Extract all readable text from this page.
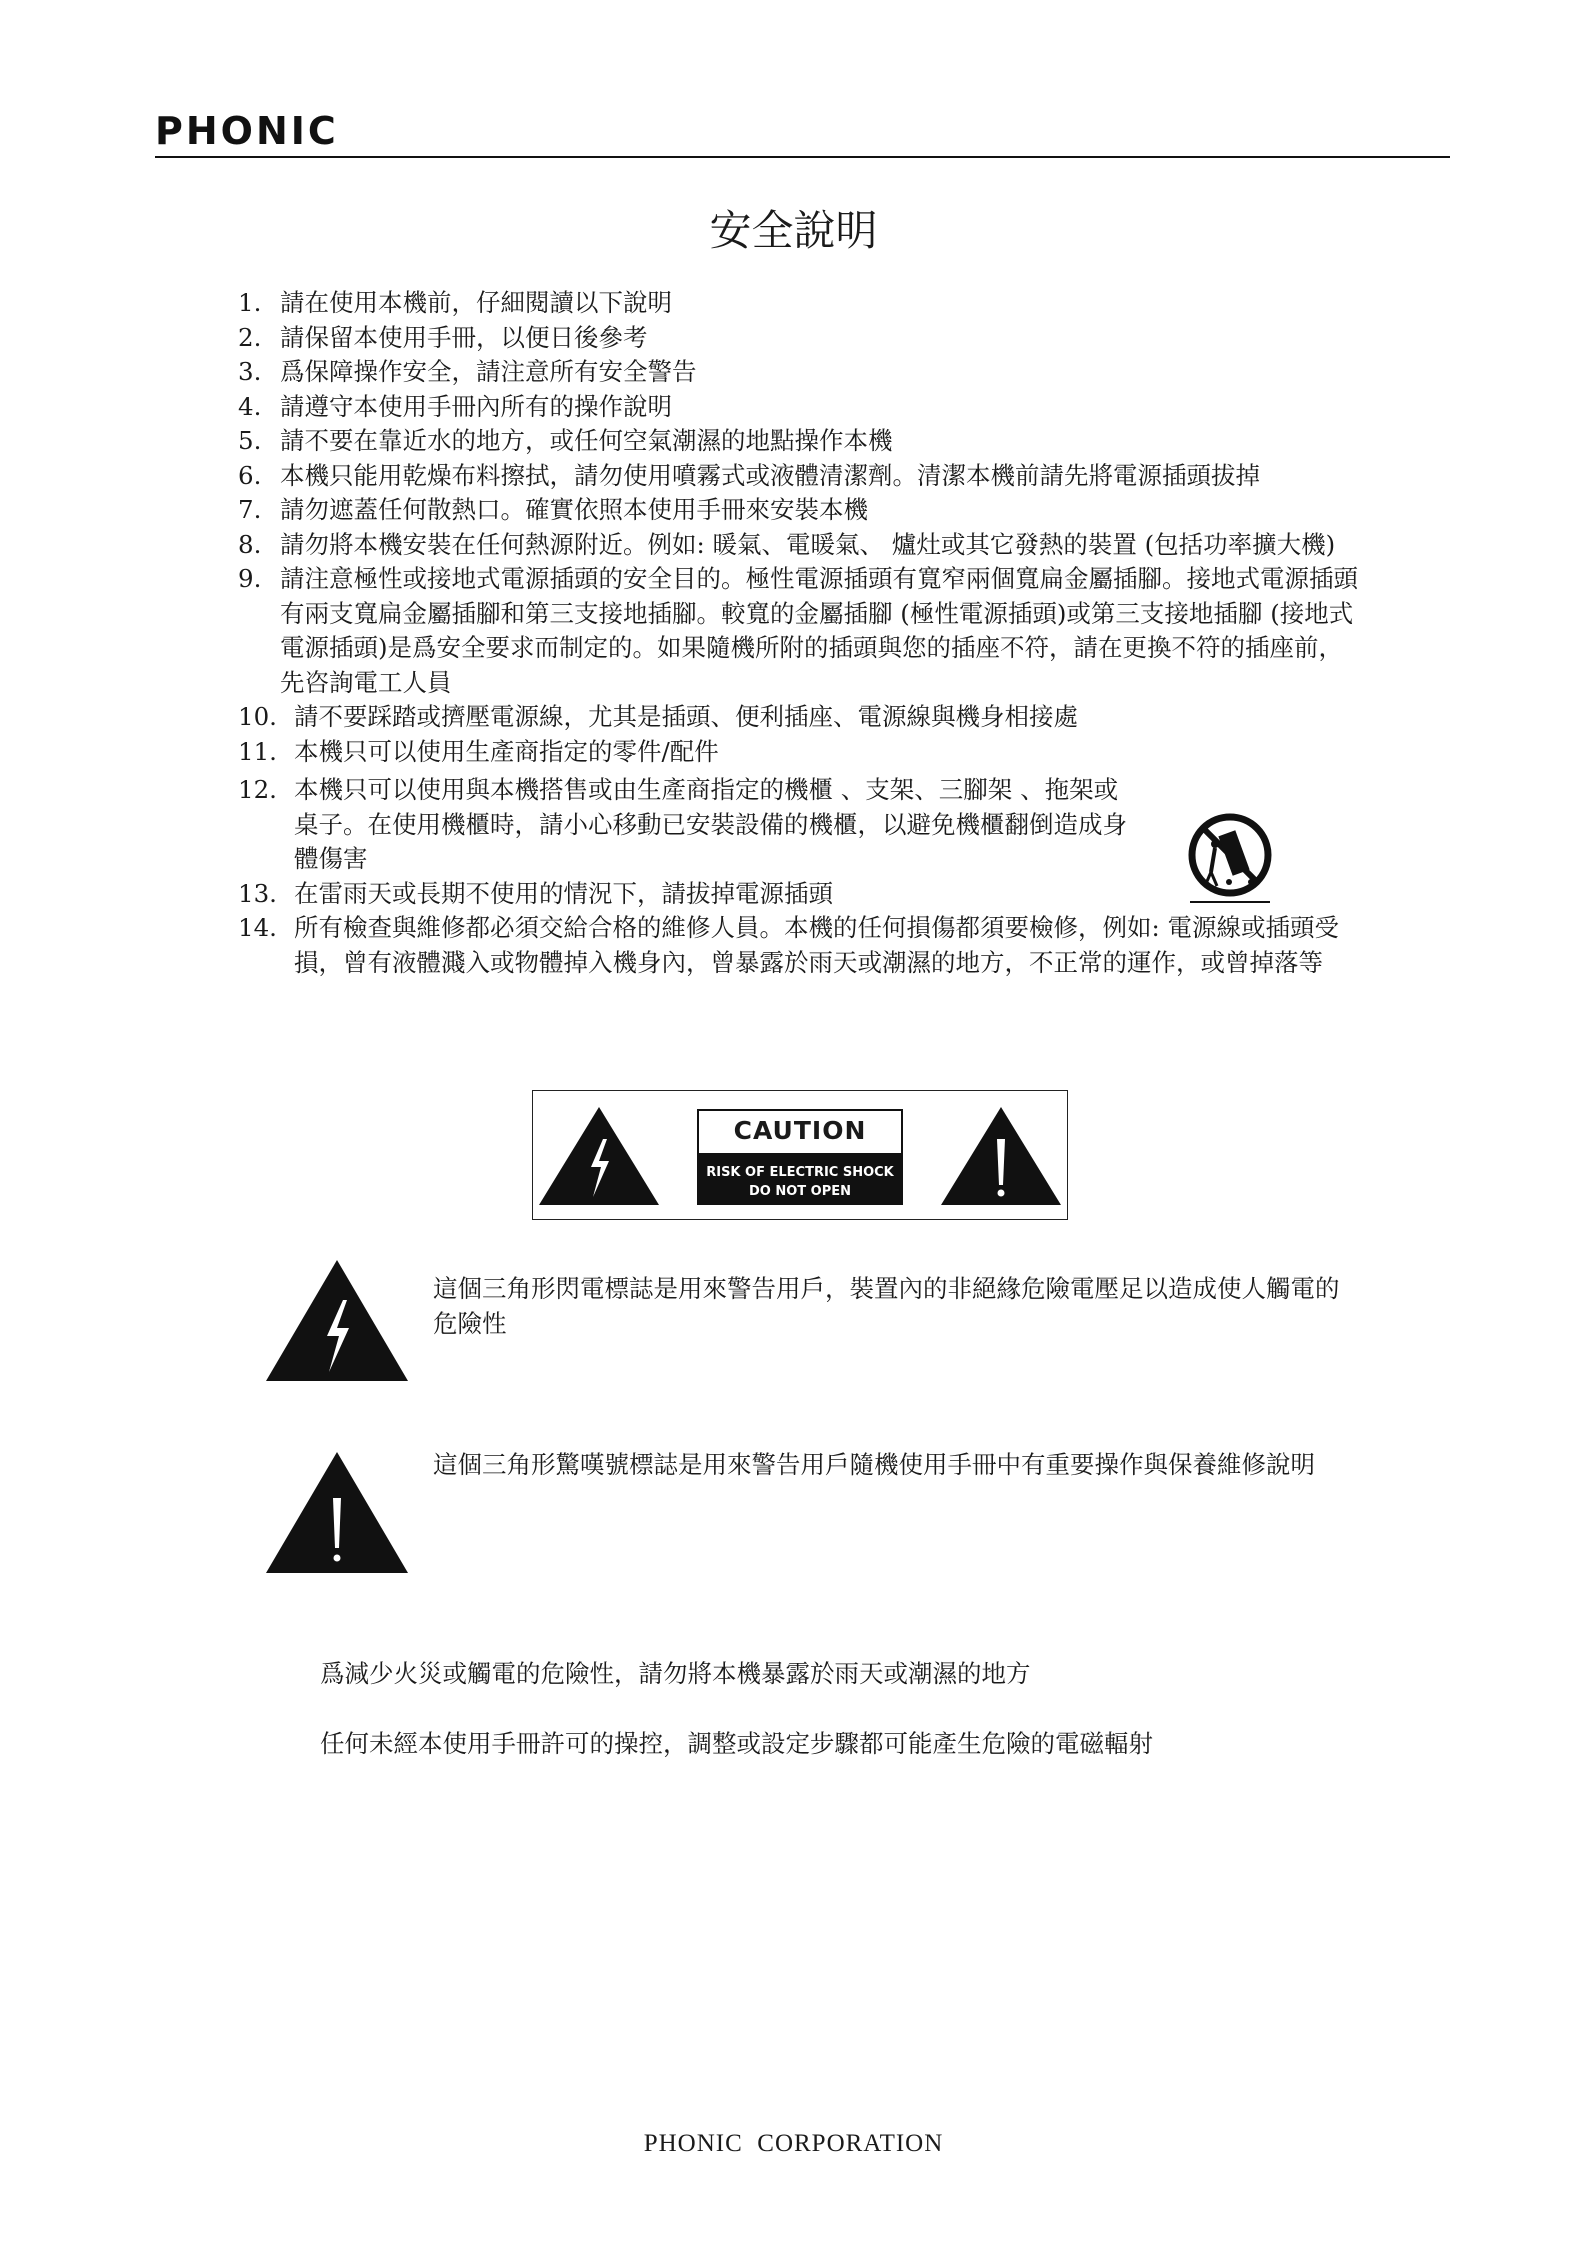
PHONIC
安全說明
1. 請在使用本機前，仔細閱讀以下說明
2. 請保留本使用手冊，以便日後參考
3. 爲保障操作安全，請注意所有安全警告
4. 請遵守本使用手冊內所有的操作說明
5. 請不要在靠近水的地方，或任何空氣潮濕的地點操作本機
6. 本機只能用乾燥布料擦拭，請勿使用噴霧式或液體清潔劑。清潔本機前請先將電源插頭拔掉
7. 請勿遮蓋任何散熱口。確實依照本使用手冊來安裝本機
8. 請勿將本機安裝在任何熱源附近。例如: 暖氣、電暖氣、 爐灶或其它發熱的裝置 (包括功率擴大機)
9. 請注意極性或接地式電源插頭的安全目的。極性電源插頭有寬窄兩個寬扁金屬插腳。接地式電源插頭有兩支寬扁金屬插腳和第三支接地插腳。較寬的金屬插腳 (極性電源插頭)或第三支接地插腳 (接地式電源插頭)是爲安全要求而制定的。如果隨機所附的插頭與您的插座不符，請在更換不符的插座前，先咨詢電工人員
10. 請不要踩踏或擠壓電源線，尤其是插頭、便利插座、電源線與機身相接處
11. 本機只可以使用生產商指定的零件/配件
12. 本機只可以使用與本機搭售或由生產商指定的機櫃 、支架、三腳架 、拖架或桌子。在使用機櫃時，請小心移動已安裝設備的機櫃，以避免機櫃翻倒造成身體傷害
13. 在雷雨天或長期不使用的情況下，請拔掉電源插頭
14. 所有檢查與維修都必須交給合格的維修人員。本機的任何損傷都須要檢修，例如: 電源線或插頭受損，曾有液體濺入或物體掉入機身內，曾暴露於雨天或潮濕的地方，不正常的運作，或曾掉落等
CAUTION
RISK OF ELECTRIC SHOCK
DO NOT OPEN
這個三角形閃電標誌是用來警告用戶，裝置內的非絕緣危險電壓足以造成使人觸電的危險性
這個三角形驚嘆號標誌是用來警告用戶隨機使用手冊中有重要操作與保養維修說明
爲減少火災或觸電的危險性，請勿將本機暴露於雨天或潮濕的地方
任何未經本使用手冊許可的操控，調整或設定步驟都可能產生危險的電磁輻射
PHONIC  CORPORATION
